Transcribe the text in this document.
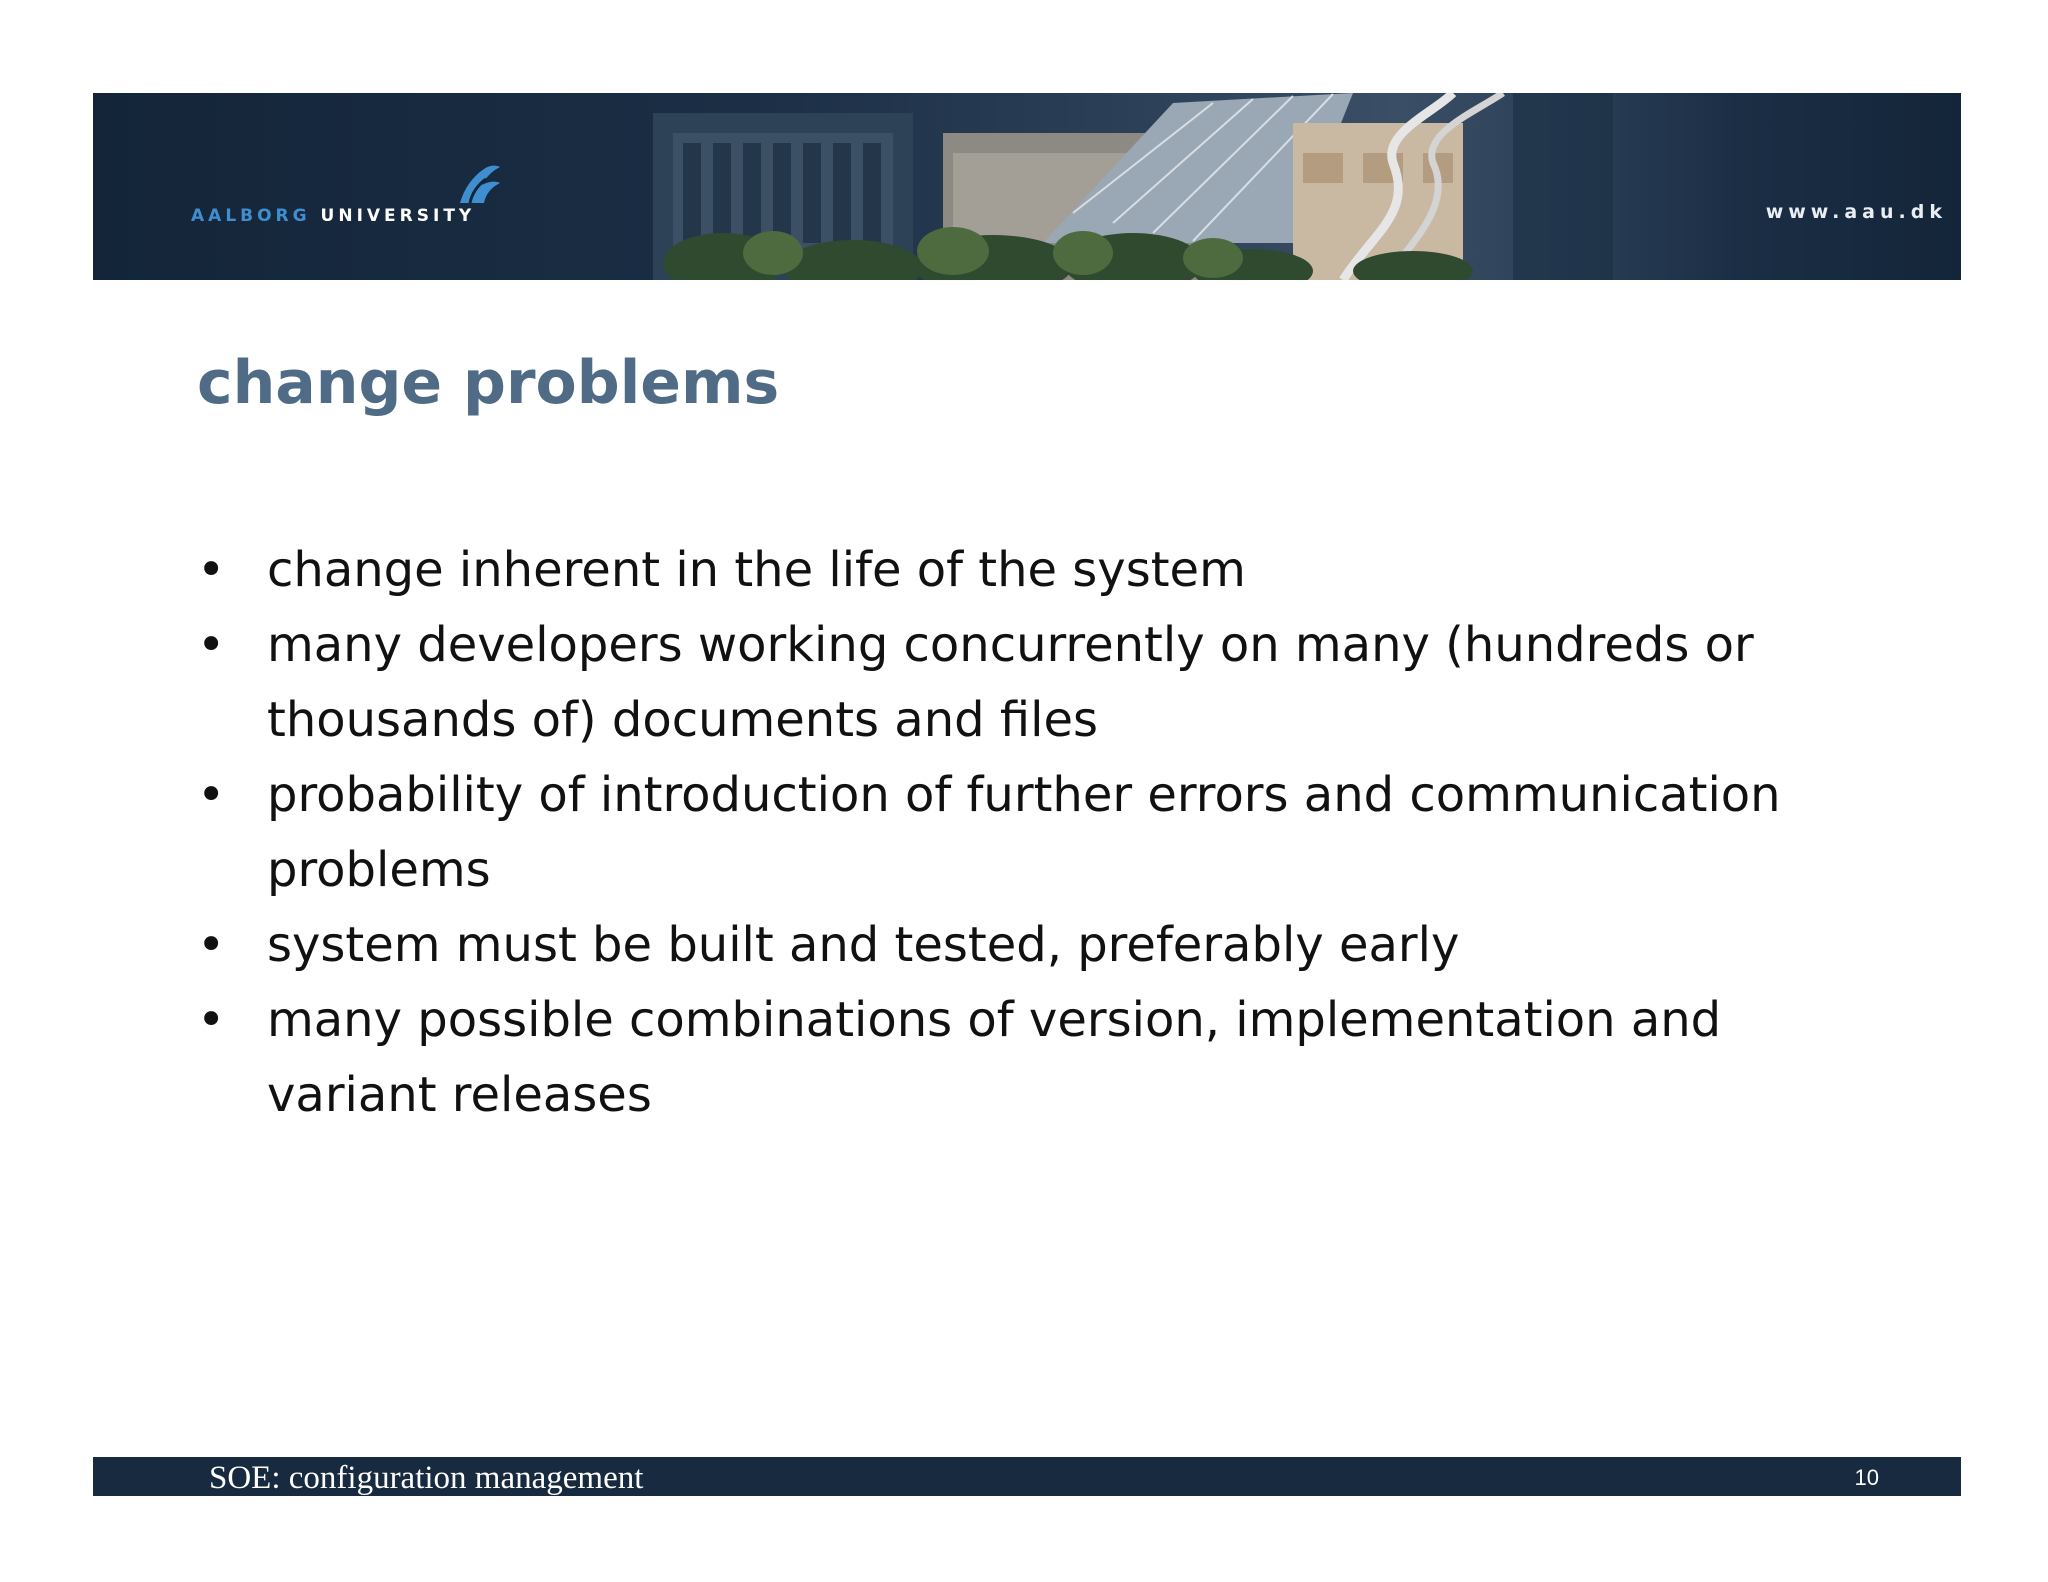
AALBORG UNIVERSITY	www.aau.dk
change problems
• change inherent in the life of the system
• many developers working concurrently on many (hundreds or thousands of) documents and files
• probability of introduction of further errors and communication problems
• system must be built and tested, preferably early
• many possible combinations of version, implementation and variant releases
SOE: configuration management	10
